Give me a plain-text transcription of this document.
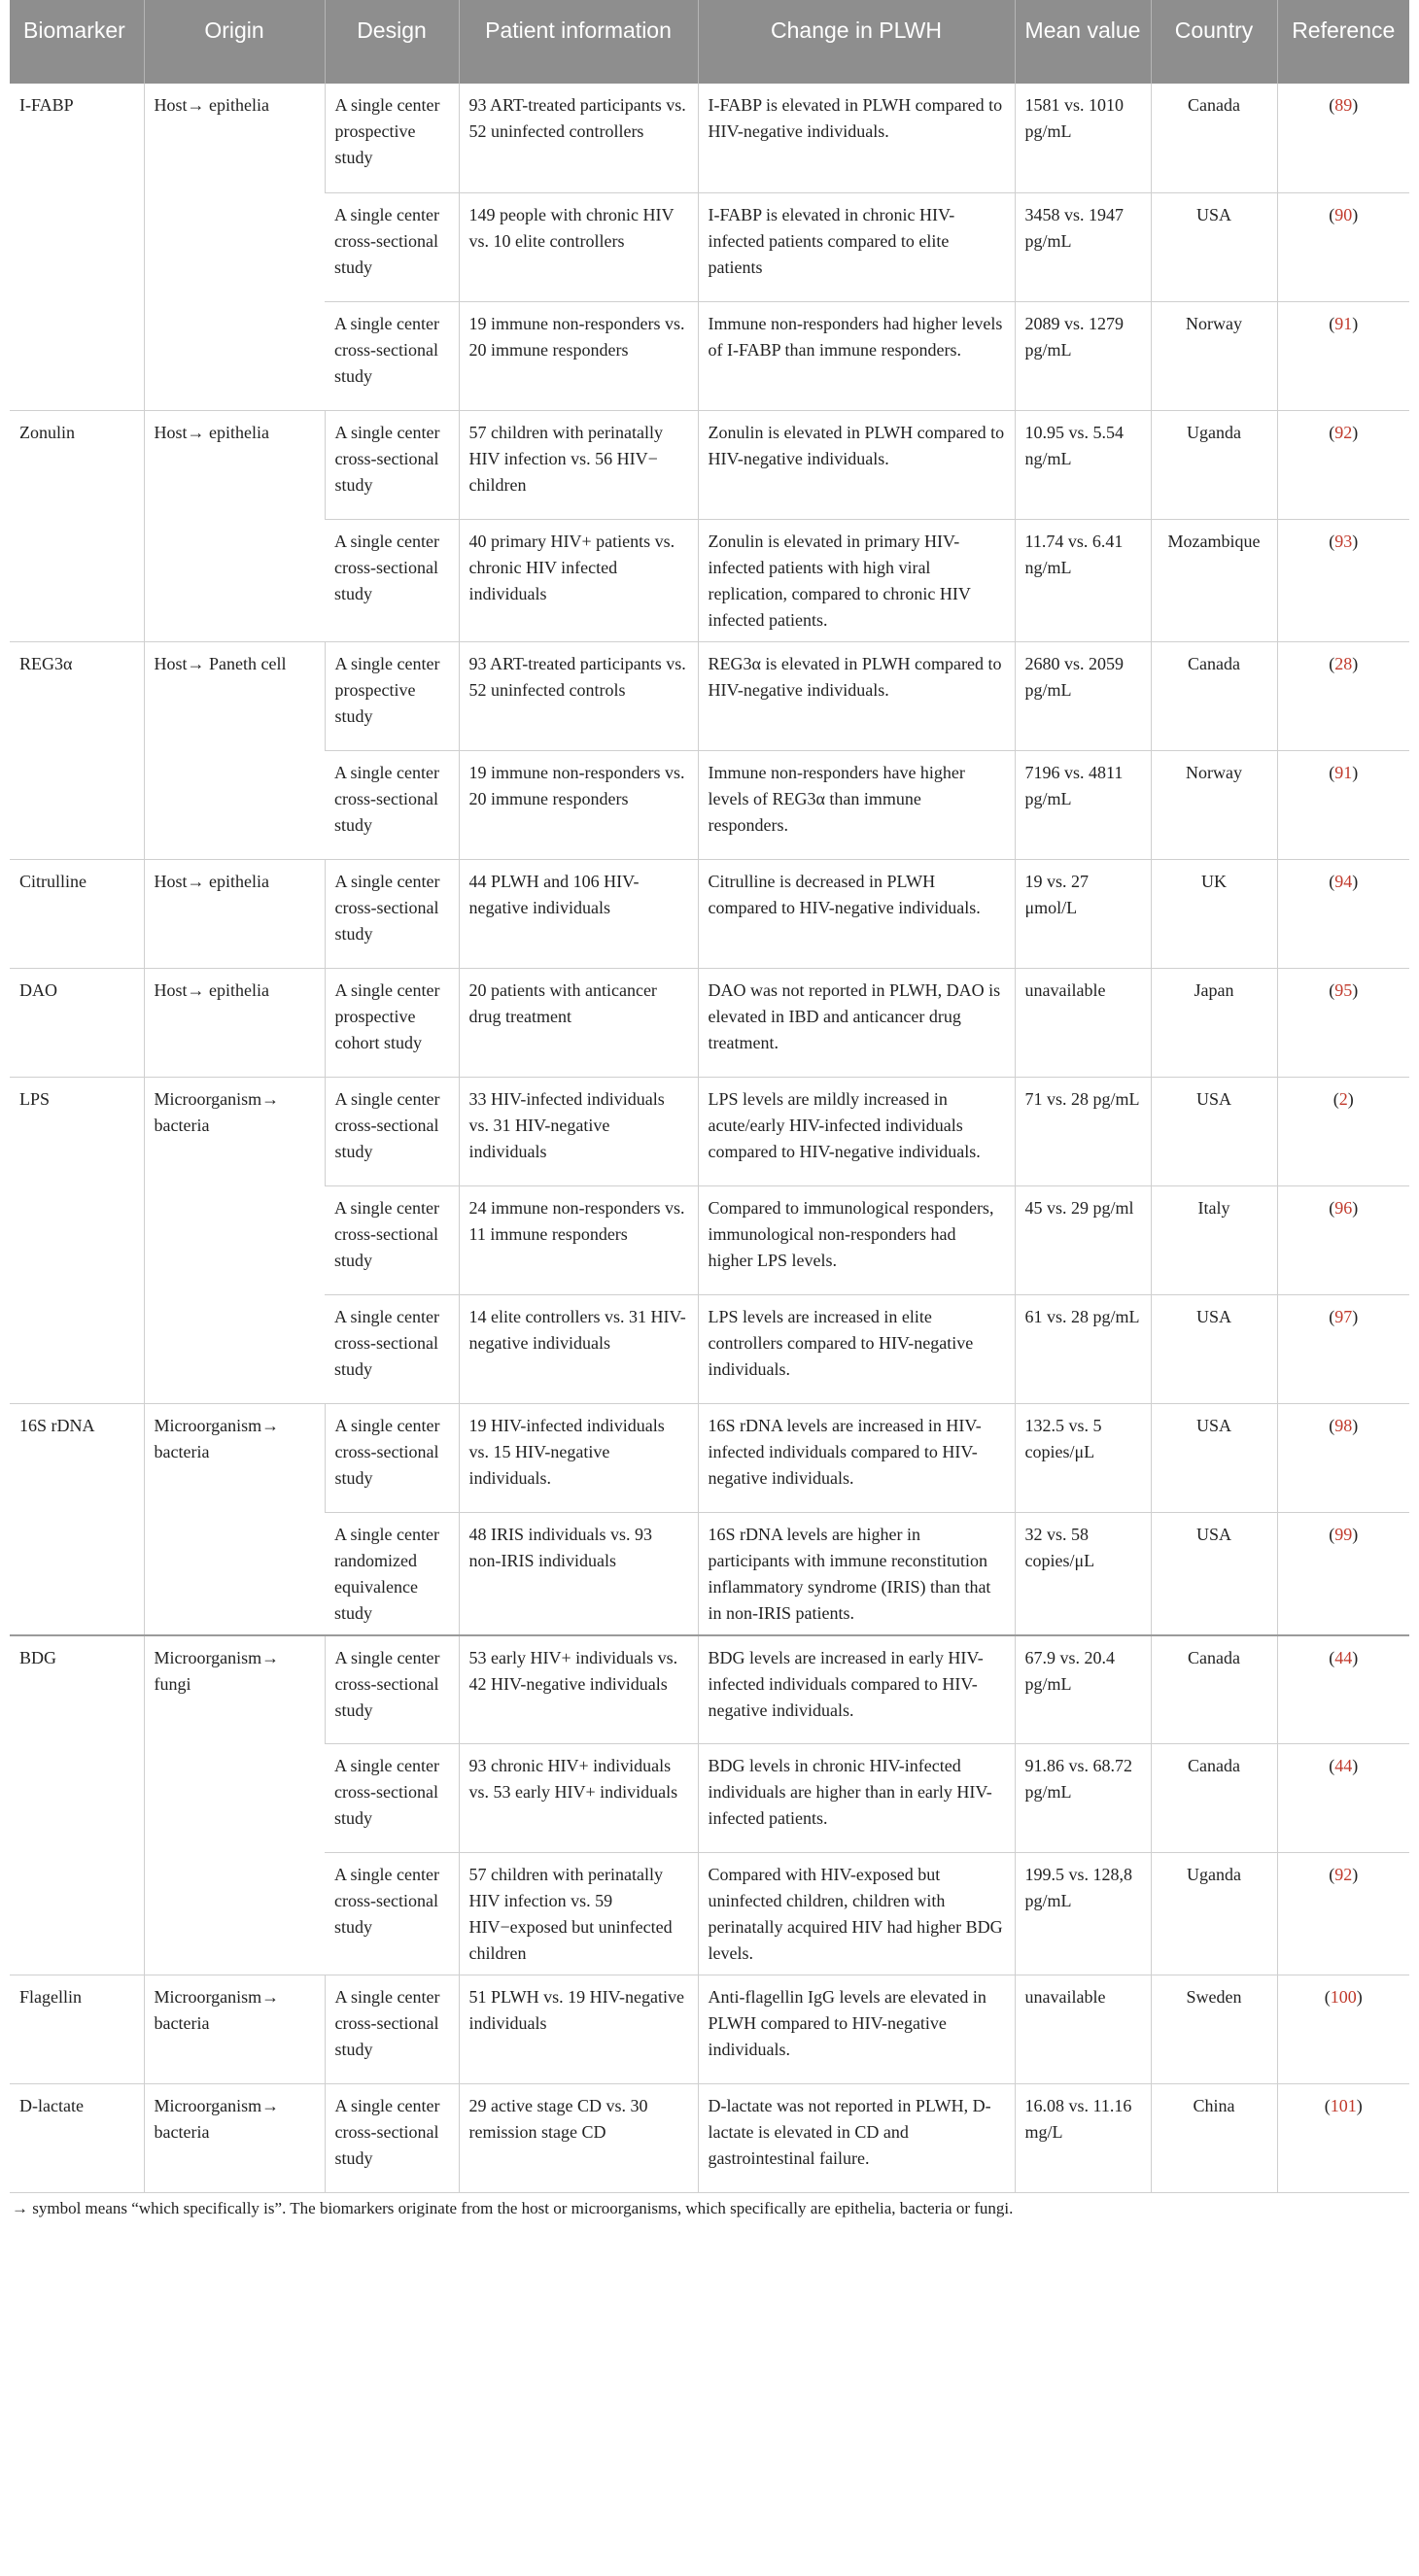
Biomarker	Origin	Design	Patient information	Change in PLWH	Mean value	Country	Reference
I-FABP	Host→ epithelia	A single center prospective study	93 ART-treated participants vs. 52 uninfected controllers	I-FABP is elevated in PLWH compared to HIV-negative individuals.	1581 vs. 1010 pg/mL	Canada	(89)
		A single center cross-sectional study	149 people with chronic HIV vs. 10 elite controllers	I-FABP is elevated in chronic HIV-infected patients compared to elite patients	3458 vs. 1947 pg/mL	USA	(90)
		A single center cross-sectional study	19 immune non-responders vs. 20 immune responders	Immune non-responders had higher levels of I-FABP than immune responders.	2089 vs. 1279 pg/mL	Norway	(91)
Zonulin	Host→ epithelia	A single center cross-sectional study	57 children with perinatally HIV infection vs. 56 HIV− children	Zonulin is elevated in PLWH compared to HIV-negative individuals.	10.95 vs. 5.54 ng/mL	Uganda	(92)
		A single center cross-sectional study	40 primary HIV+ patients vs. chronic HIV infected individuals	Zonulin is elevated in primary HIV-infected patients with high viral replication, compared to chronic HIV infected patients.	11.74 vs. 6.41 ng/mL	Mozambique	(93)
REG3α	Host→ Paneth cell	A single center prospective study	93 ART-treated participants vs. 52 uninfected controls	REG3α is elevated in PLWH compared to HIV-negative individuals.	2680 vs. 2059 pg/mL	Canada	(28)
		A single center cross-sectional study	19 immune non-responders vs. 20 immune responders	Immune non-responders have higher levels of REG3α than immune responders.	7196 vs. 4811 pg/mL	Norway	(91)
Citrulline	Host→ epithelia	A single center cross-sectional study	44 PLWH and 106 HIV-negative individuals	Citrulline is decreased in PLWH compared to HIV-negative individuals.	19 vs. 27 μmol/L	UK	(94)
DAO	Host→ epithelia	A single center prospective cohort study	20 patients with anticancer drug treatment	DAO was not reported in PLWH, DAO is elevated in IBD and anticancer drug treatment.	unavailable	Japan	(95)
LPS	Microorganism→ bacteria	A single center cross-sectional study	33 HIV-infected individuals vs. 31 HIV-negative individuals	LPS levels are mildly increased in acute/early HIV-infected individuals compared to HIV-negative individuals.	71 vs. 28 pg/mL	USA	(2)
		A single center cross-sectional study	24 immune non-responders vs. 11 immune responders	Compared to immunological responders, immunological non-responders had higher LPS levels.	45 vs. 29 pg/ml	Italy	(96)
		A single center cross-sectional study	14 elite controllers vs. 31 HIV-negative individuals	LPS levels are increased in elite controllers compared to HIV-negative individuals.	61 vs. 28 pg/mL	USA	(97)
16S rDNA	Microorganism→ bacteria	A single center cross-sectional study	19 HIV-infected individuals vs. 15 HIV-negative individuals.	16S rDNA levels are increased in HIV-infected individuals compared to HIV-negative individuals.	132.5 vs. 5 copies/μL	USA	(98)
		A single center randomized equivalence study	48 IRIS individuals vs. 93 non-IRIS individuals	16S rDNA levels are higher in participants with immune reconstitution inflammatory syndrome (IRIS) than that in non-IRIS patients.	32 vs. 58 copies/μL	USA	(99)
BDG	Microorganism→ fungi	A single center cross-sectional study	53 early HIV+ individuals vs. 42 HIV-negative individuals	BDG levels are increased in early HIV-infected individuals compared to HIV-negative individuals.	67.9 vs. 20.4 pg/mL	Canada	(44)
		A single center cross-sectional study	93 chronic HIV+ individuals vs. 53 early HIV+ individuals	BDG levels in chronic HIV-infected individuals are higher than in early HIV-infected patients.	91.86 vs. 68.72 pg/mL	Canada	(44)
		A single center cross-sectional study	57 children with perinatally HIV infection vs. 59 HIV−exposed but uninfected children	Compared with HIV-exposed but uninfected children, children with perinatally acquired HIV had higher BDG levels.	199.5 vs. 128,8 pg/mL	Uganda	(92)
Flagellin	Microorganism→ bacteria	A single center cross-sectional study	51 PLWH vs. 19 HIV-negative individuals	Anti-flagellin IgG levels are elevated in PLWH compared to HIV-negative individuals.	unavailable	Sweden	(100)
D-lactate	Microorganism→ bacteria	A single center cross-sectional study	29 active stage CD vs. 30 remission stage CD	D-lactate was not reported in PLWH, D-lactate is elevated in CD and gastrointestinal failure.	16.08 vs. 11.16 mg/L	China	(101)
→ symbol means “which specifically is”. The biomarkers originate from the host or microorganisms, which specifically are epithelia, bacteria or fungi.
